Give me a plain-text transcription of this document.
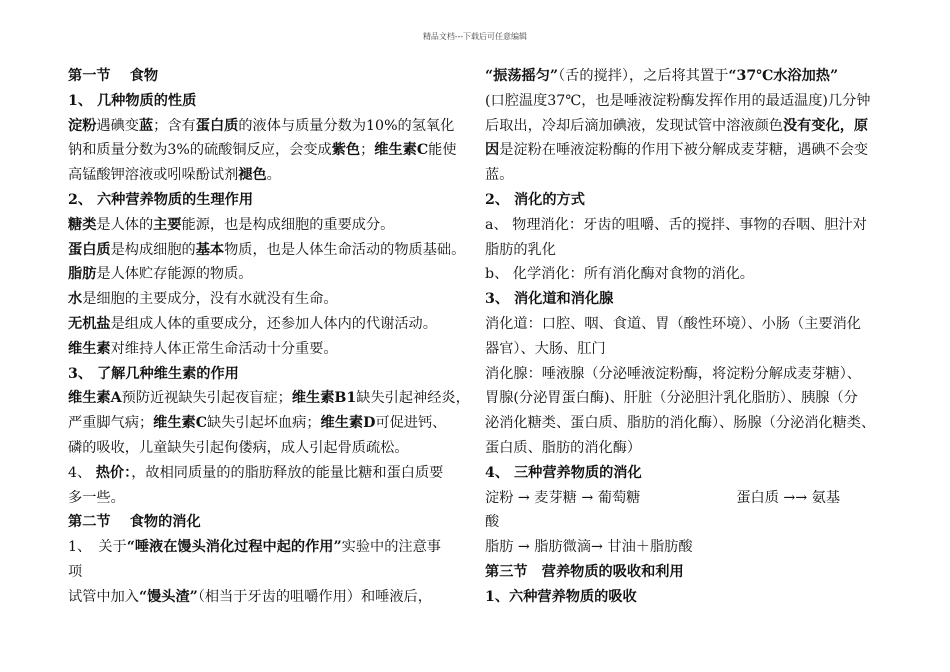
精品文档---下载后可任意编辑
第一节　 食物
1、 几种物质的性质
淀粉遇碘变蓝；含有蛋白质的液体与质量分数为10%的氢氧化
钠和质量分数为3%的硫酸铜反应，会变成紫色；维生素C能使
高锰酸钾溶液或吲哚酚试剂褪色。
2、 六种营养物质的生理作用
糖类是人体的主要能源，也是构成细胞的重要成分。
蛋白质是构成细胞的基本物质，也是人体生命活动的物质基础。
脂肪是人体贮存能源的物质。
水是细胞的主要成分，没有水就没有生命。
无机盐是组成人体的重要成分，还参加人体内的代谢活动。
维生素对维持人体正常生命活动十分重要。
3、 了解几种维生素的作用
维生素A预防近视缺失引起夜盲症；维生素B1缺失引起神经炎，
严重脚气病；维生素C缺失引起坏血病；维生素D可促进钙、
磷的吸收，儿童缺失引起佝偻病，成人引起骨质疏松。
4、 热价：，故相同质量的的脂肪释放的能量比糖和蛋白质要
多一些。
第二节　 食物的消化
1、　关于“唾液在馒头消化过程中起的作用”实验中的注意事
项
试管中加入“馒头渣”（相当于牙齿的咀嚼作用）和唾液后，
“振荡摇匀”（舌的搅拌），之后将其置于“37℃水浴加热”
(口腔温度37℃，也是唾液淀粉酶发挥作用的最适温度)几分钟
后取出，冷却后滴加碘液，发现试管中溶液颜色没有变化，原
因是淀粉在唾液淀粉酶的作用下被分解成麦芽糖，遇碘不会变
蓝。
2、 消化的方式
a、 物理消化：牙齿的咀嚼、舌的搅拌、事物的吞咽、胆汁对
脂肪的乳化
b、 化学消化：所有消化酶对食物的消化。
3、 消化道和消化腺
消化道：口腔、咽、食道、胃（酸性环境）、小肠（主要消化
器官）、大肠、肛门
消化腺：唾液腺（分泌唾液淀粉酶，将淀粉分解成麦芽糖）、
胃腺(分泌胃蛋白酶)、肝脏（分泌胆汁乳化脂肪）、胰腺（分
泌消化糖类、蛋白质、脂肪的消化酶）、肠腺（分泌消化糖类、
蛋白质、脂肪的消化酶）
4、 三种营养物质的消化
淀粉 → 麦芽糖 → 葡萄糖	蛋白质 →→ 氨基
酸
脂肪 → 脂肪微滴→ 甘油＋脂肪酸
第三节　营养物质的吸收和利用
1、六种营养物质的吸收
